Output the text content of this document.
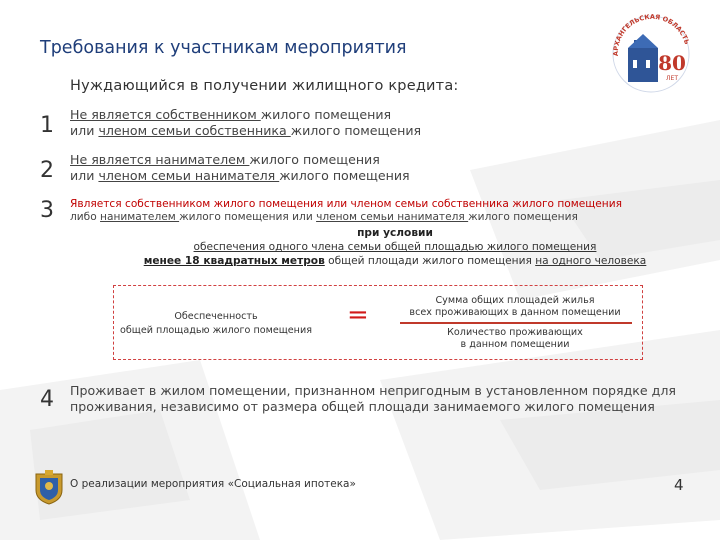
Требования к участникам мероприятия	АРХАНГЕЛЬСКАЯ ОБЛАСТЬ
80
ЛЕТ
Нуждающийся в получении жилищного кредита:
1 Не является собственником жилого помещения
или членом семьи собственника жилого помещения
2 Не является нанимателем жилого помещения
или членом семьи нанимателя жилого помещения
3 Является собственником жилого помещения или членом семьи собственника жилого помещения
либо нанимателем жилого помещения или членом семьи нанимателя жилого помещения
при условии
обеспечения одного члена семьи общей площадью жилого помещения
менее 18 квадратных метров общей площади жилого помещения на одного человека
Обеспеченность
общей площадью жилого помещения
=	Сумма общих площадей жилья
всех проживающих в данном помещении
Количество проживающих
в данном помещении
4 Проживает в жилом помещении, признанном непригодным в установленном порядке для
проживания, независимо от размера общей площади занимаемого жилого помещения
О реализации мероприятия «Социальная ипотека»	4
